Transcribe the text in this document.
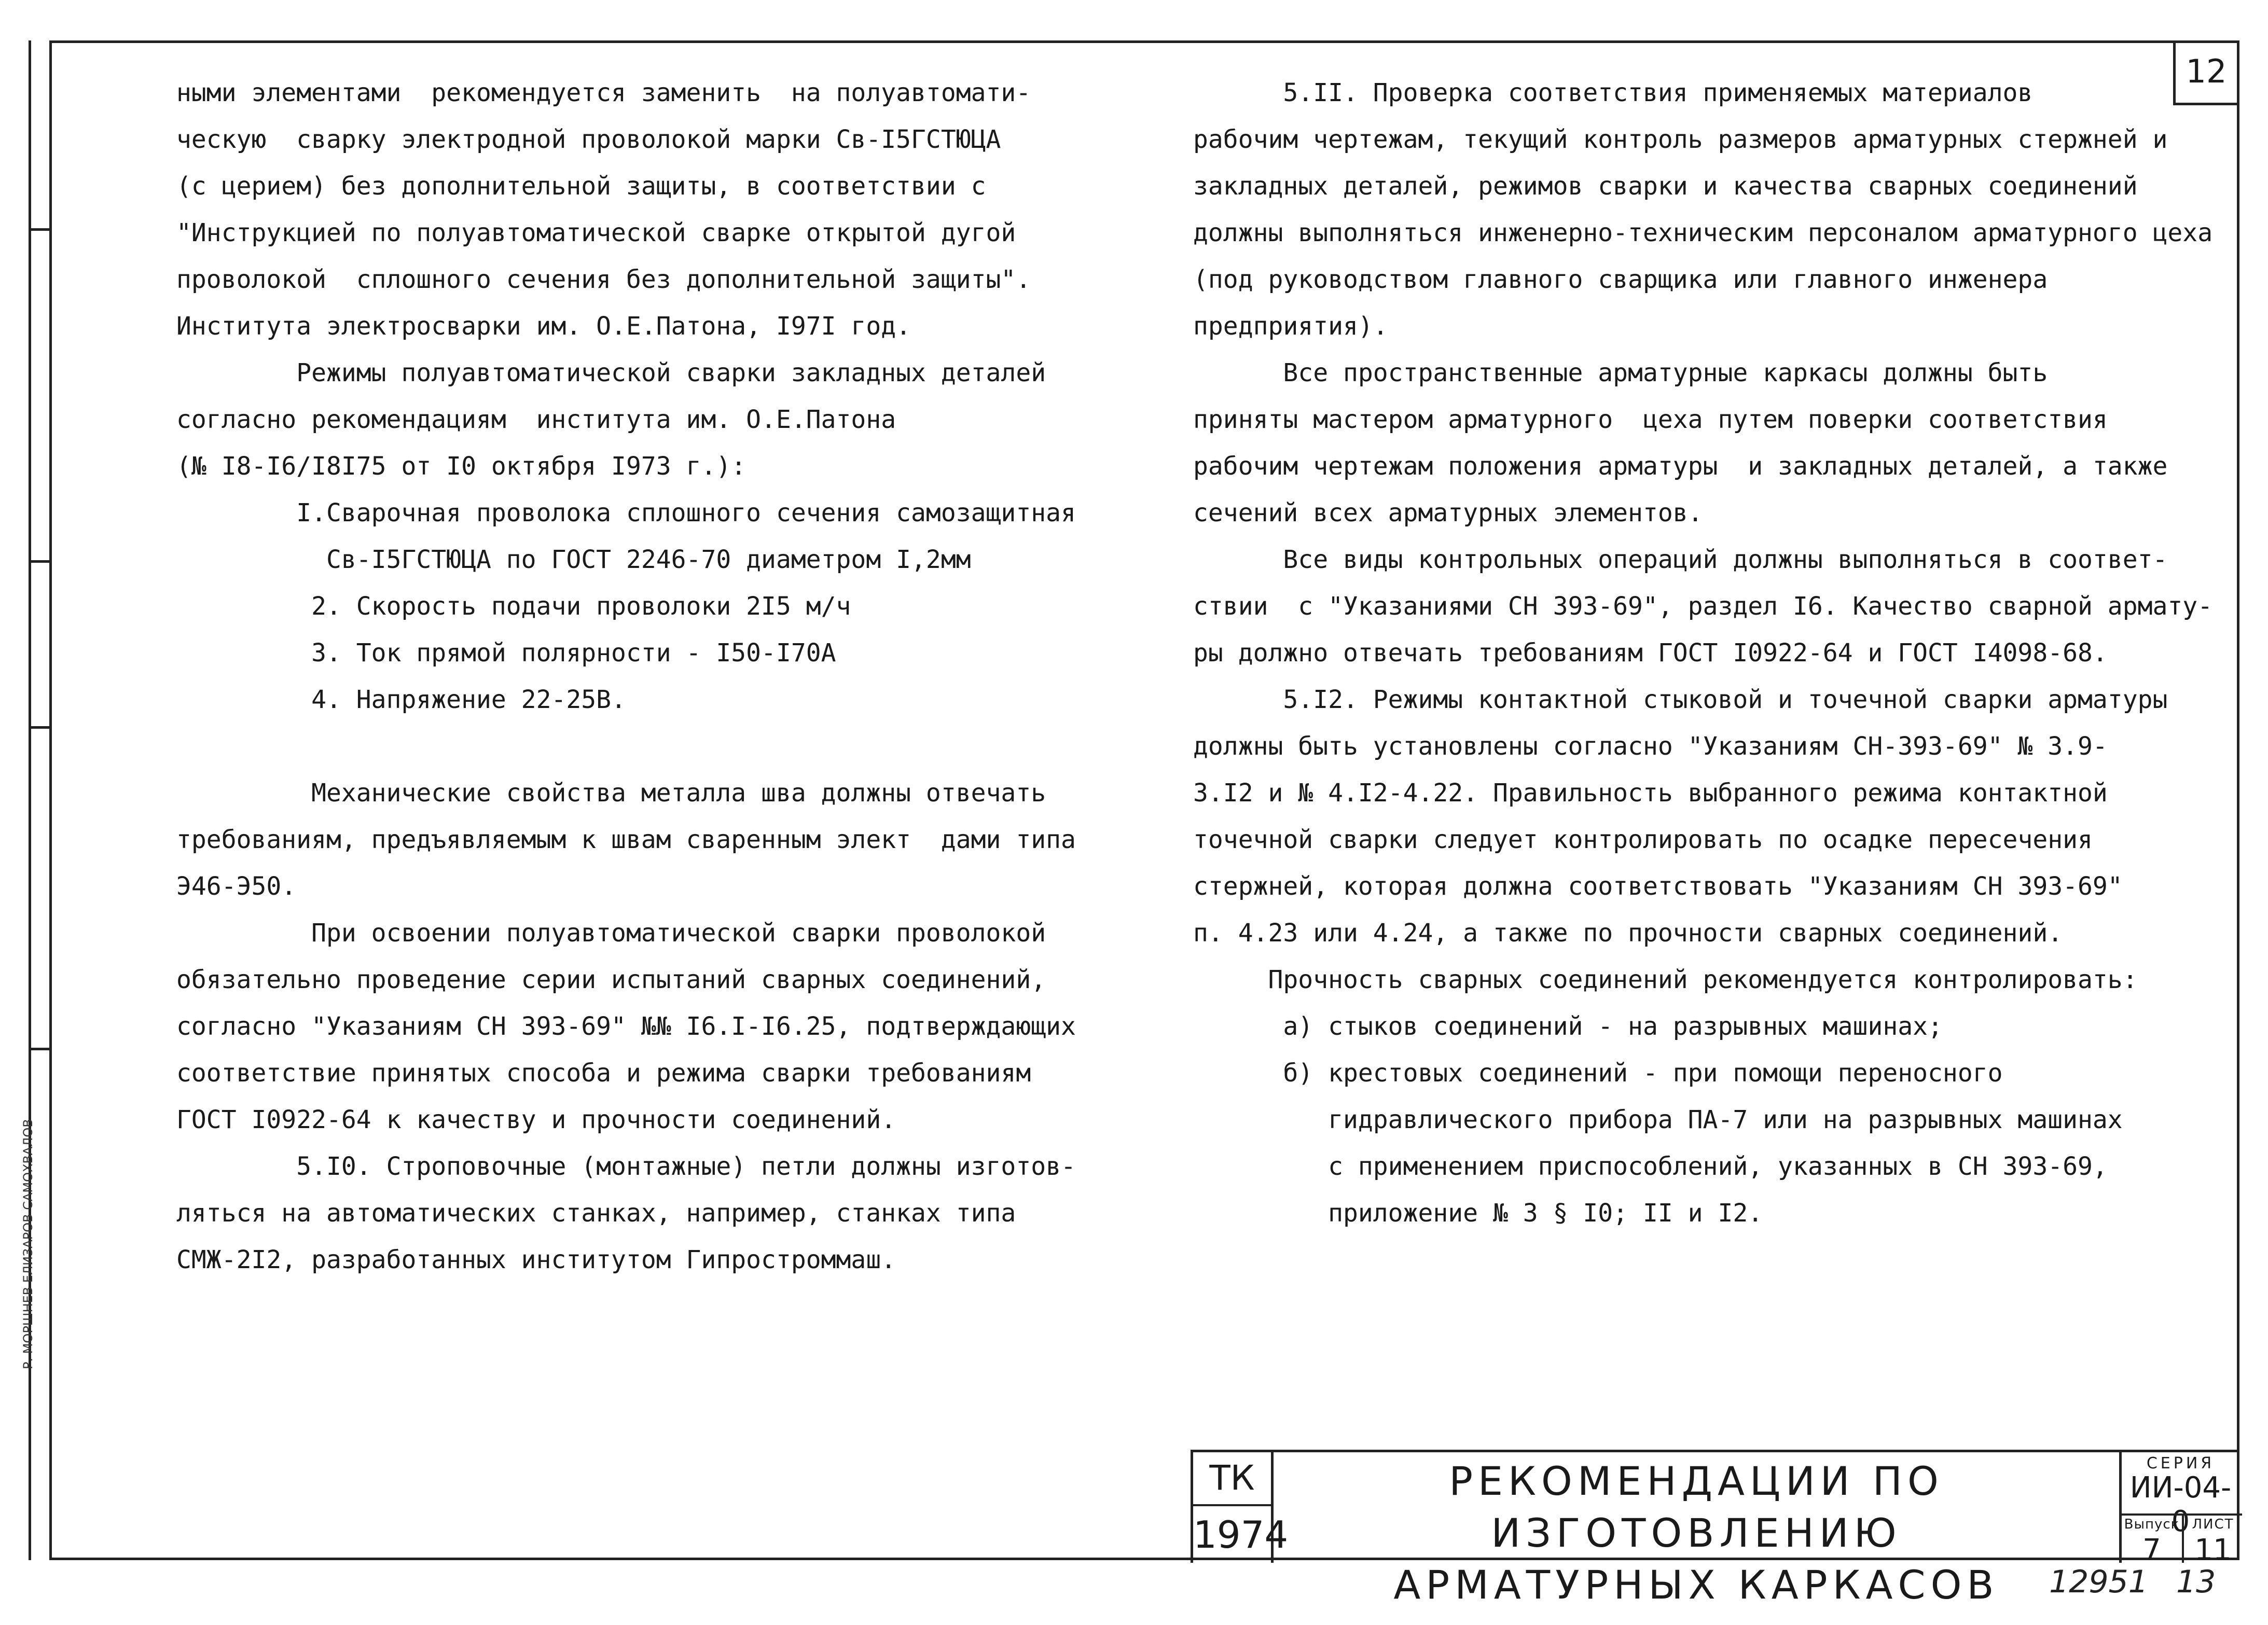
Р. МОРШНЕВ ЕЛИЗАРОВ САМОХВАЛОВ
12

ными элементами  рекомендуется заменить  на полуавтомати-

ческую  сварку электродной проволокой марки Св-I5ГСТЮЦА

(с церием) без дополнительной защиты, в соответствии с

"Инструкцией по полуавтоматической сварке открытой дугой

проволокой  сплошного сечения без дополнительной защиты".

Института электросварки им. О.Е.Патона, I97I год.

Режимы полуавтоматической сварки закладных деталей

согласно рекомендациям  института им. О.Е.Патона

(№ I8-I6/I8I75 от I0 октября I973 г.):

I.Сварочная проволока сплошного сечения самозащитная

Св-I5ГСТЮЦА по ГОСТ 2246-70 диаметром I,2мм

2. Скорость подачи проволоки 2I5 м/ч

3. Ток прямой полярности - I50-I70А

4. Напряжение 22-25В.

Механические свойства металла шва должны отвечать

требованиям, предъявляемым к швам сваренным элект  дами типа

Э46-Э50.

При освоении полуавтоматической сварки проволокой

обязательно проведение серии испытаний сварных соединений,

согласно "Указаниям СН 393-69" №№ I6.I-I6.25, подтверждающих

соответствие принятых способа и режима сварки требованиям

ГОСТ I0922-64 к качеству и прочности соединений.

5.I0. Строповочные (монтажные) петли должны изготов-

ляться на автоматических станках, например, станках типа

СМЖ-2I2, разработанных институтом Гипростроммаш.

5.II. Проверка соответствия применяемых материалов

рабочим чертежам, текущий контроль размеров арматурных стержней и

закладных деталей, режимов сварки и качества сварных соединений

должны выполняться инженерно-техническим персоналом арматурного цеха

(под руководством главного сварщика или главного инженера

предприятия).

Все пространственные арматурные каркасы должны быть

приняты мастером арматурного  цеха путем поверки соответствия

рабочим чертежам положения арматуры  и закладных деталей, а также

сечений всех арматурных элементов.

Все виды контрольных операций должны выполняться в соответ-

ствии  с "Указаниями СН 393-69", раздел I6. Качество сварной армату-

ры должно отвечать требованиям ГОСТ I0922-64 и ГОСТ I4098-68.

5.I2. Режимы контактной стыковой и точечной сварки арматуры

должны быть установлены согласно "Указаниям СН-393-69" № 3.9-

3.I2 и № 4.I2-4.22. Правильность выбранного режима контактной

точечной сварки следует контролировать по осадке пересечения

стержней, которая должна соответствовать "Указаниям СН 393-69"

п. 4.23 или 4.24, а также по прочности сварных соединений.

Прочность сварных соединений рекомендуется контролировать:

а) стыков соединений - на разрывных машинах;

б) крестовых соединений - при помощи переносного

гидравлического прибора ПА-7 или на разрывных машинах

с применением приспособлений, указанных в СН 393-69,

приложение № 3 § I0; II и I2.

ТК
1974
РЕКОМЕНДАЦИИ ПО ИЗГОТОВЛЕНИЮ
АРМАТУРНЫХ КАРКАСОВ
СЕРИЯ
ИИ-04-0
Выпуск
7
ЛИСТ
11
12951 13
